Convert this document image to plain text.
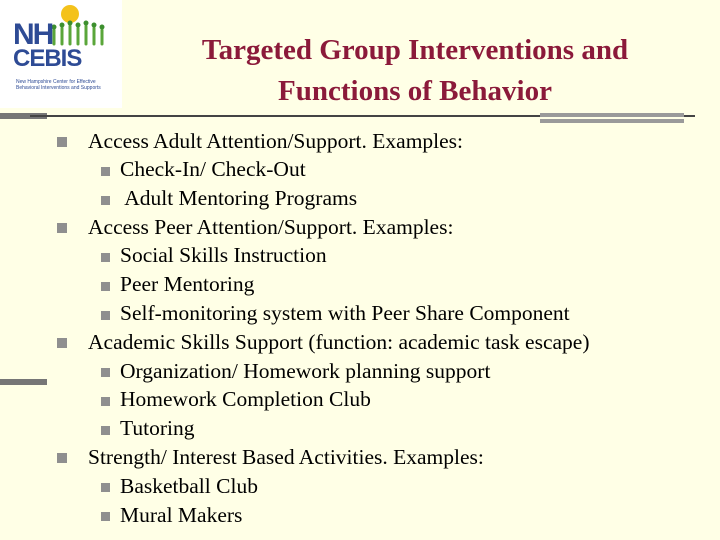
NH
CEBIS
New Hampshire Center for Effective Behavioral Interventions and Supports
Targeted Group Interventions and
Functions of Behavior
Access Adult Attention/Support. Examples:
Check-In/ Check-Out
Adult Mentoring Programs
Access Peer Attention/Support. Examples:
Social Skills Instruction
Peer Mentoring
Self-monitoring system with Peer Share Component
Academic Skills Support (function: academic task escape)
Organization/ Homework planning support
Homework Completion Club
Tutoring
Strength/ Interest Based Activities. Examples:
Basketball Club
Mural Makers
